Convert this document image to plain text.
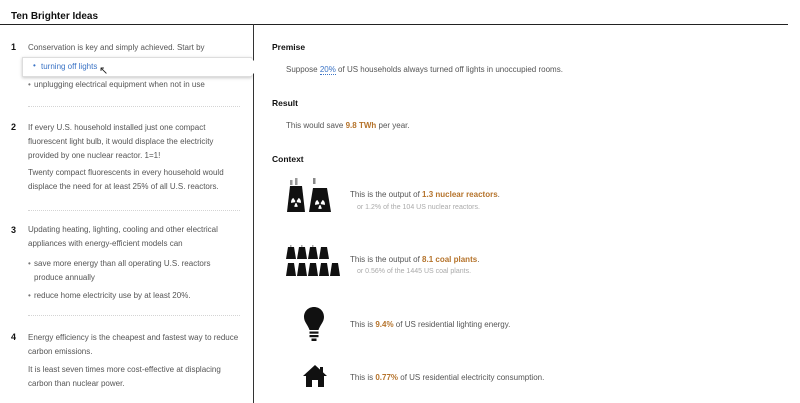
Ten Brighter Ideas
1 Conservation is key and simply achieved. Start by

• turning off lights ↖
• unplugging electrical equipment when not in use
2 If every U.S. household installed just one compact fluorescent light bulb, it would displace the electricity provided by one nuclear reactor. 1=1!

Twenty compact fluorescents in every household would displace the need for at least 25% of all U.S. reactors.

3 Updating heating, lighting, cooling and other electrical appliances with energy-efficient models can

• save more energy than all operating U.S. reactors produce annually
• reduce home electricity use by at least 20%.
4 Energy efficiency is the cheapest and fastest way to reduce carbon emissions.

It is least seven times more cost-effective at displacing carbon than nuclear power.

Premise
Suppose 20% of US households always turned off lights in unoccupied rooms.
Result
This would save 9.8 TWh per year.
Context
This is the output of 1.3 nuclear reactors.
or 1.2% of the 104 US nuclear reactors.
This is the output of 8.1 coal plants.
or 0.56% of the 1445 US coal plants.
This is 9.4% of US residential lighting energy.
This is 0.77% of US residential electricity consumption.
